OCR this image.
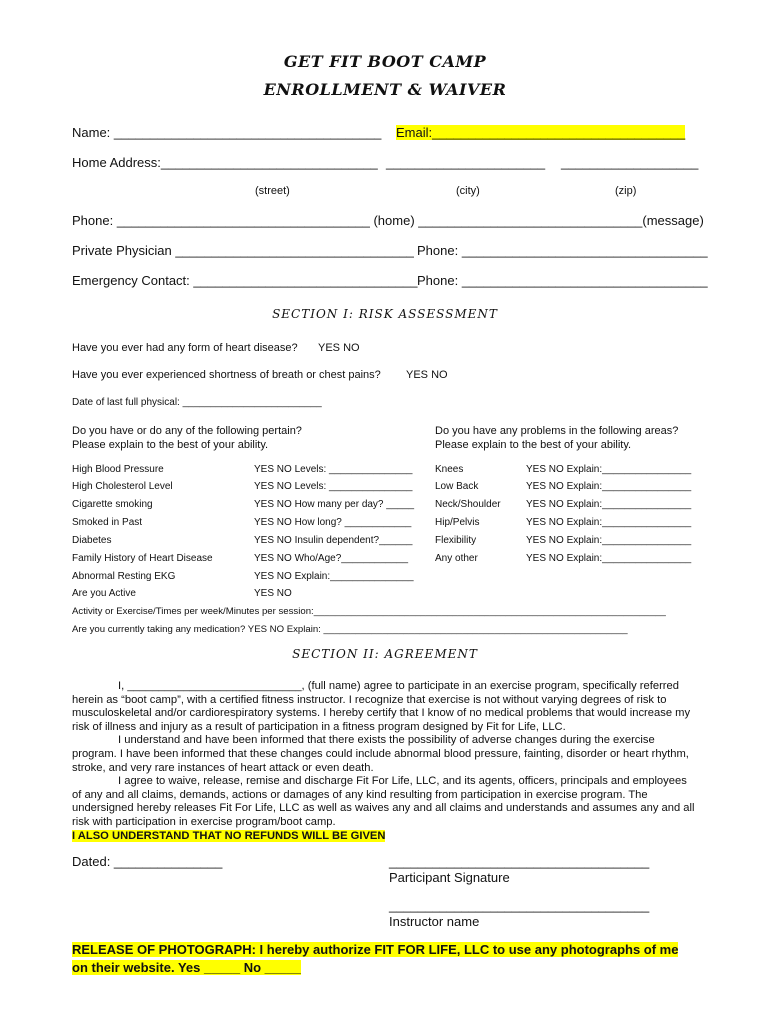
GET FIT BOOT CAMP
ENROLLMENT & WAIVER
Name: _____________________________________ Email:___________________________________
Home Address:______________________________ ______________________ ___________________
(street)	(city)	(zip)
Phone: ___________________________________ (home) _______________________________(message)
Private Physician _________________________________ Phone: __________________________________
Emergency Contact: _______________________________ Phone: __________________________________
SECTION I: RISK ASSESSMENT
Have you ever had any form of heart disease? YES NO
Have you ever experienced shortness of breath or chest pains? YES NO
Date of last full physical: _________________________
Do you have or do any of the following pertain?
Please explain to the best of your ability.
Do you have any problems in the following areas?
Please explain to the best of your ability.
High Blood Pressure	YES NO Levels: _______________
High Cholesterol Level	YES NO Levels: _______________
Cigarette smoking	YES NO How many per day? _____
Smoked in Past	YES NO How long? ____________
Diabetes	YES NO Insulin dependent?______
Family History of Heart Disease	YES NO Who/Age?____________
Abnormal Resting EKG	YES NO Explain:_______________
Are you Active	YES NO
Knees	YES NO Explain:________________
Low Back	YES NO Explain:________________
Neck/Shoulder	YES NO Explain:________________
Hip/Pelvis	YES NO Explain:________________
Flexibility	YES NO Explain:________________
Any other	YES NO Explain:________________
Activity or Exercise/Times per week/Minutes per session:__________________________________________________________________
Are you currently taking any medication? YES NO Explain: _________________________________________________________
SECTION II: AGREEMENT

I, ____________________________, (full name) agree to participate in an exercise program, specifically referred herein as “boot camp”, with a certified fitness instructor. I recognize that exercise is not without varying degrees of risk to musculoskeletal and/or cardiorespiratory systems. I hereby certify that I know of no medical problems that would increase my risk of illness and injury as a result of participation in a fitness program designed by Fit for Life, LLC.

I understand and have been informed that there exists the possibility of adverse changes during the exercise program. I have been informed that these changes could include abnormal blood pressure, fainting, disorder or heart rhythm, stroke, and very rare instances of heart attack or even death.

I agree to waive, release, remise and discharge Fit For Life, LLC, and its agents, officers, principals and employees of any and all claims, demands, actions or damages of any kind resulting from participation in exercise program. The undersigned hereby releases Fit For Life, LLC as well as waives any and all claims and understands and assumes any and all risk with participation in exercise program/boot camp.

I ALSO UNDERSTAND THAT NO REFUNDS WILL BE GIVEN

Dated: _______________	____________________________________
Participant Signature
____________________________________
Instructor name
RELEASE OF PHOTOGRAPH: I hereby authorize FIT FOR LIFE, LLC to use any photographs of me on their website. Yes _____ No _____
